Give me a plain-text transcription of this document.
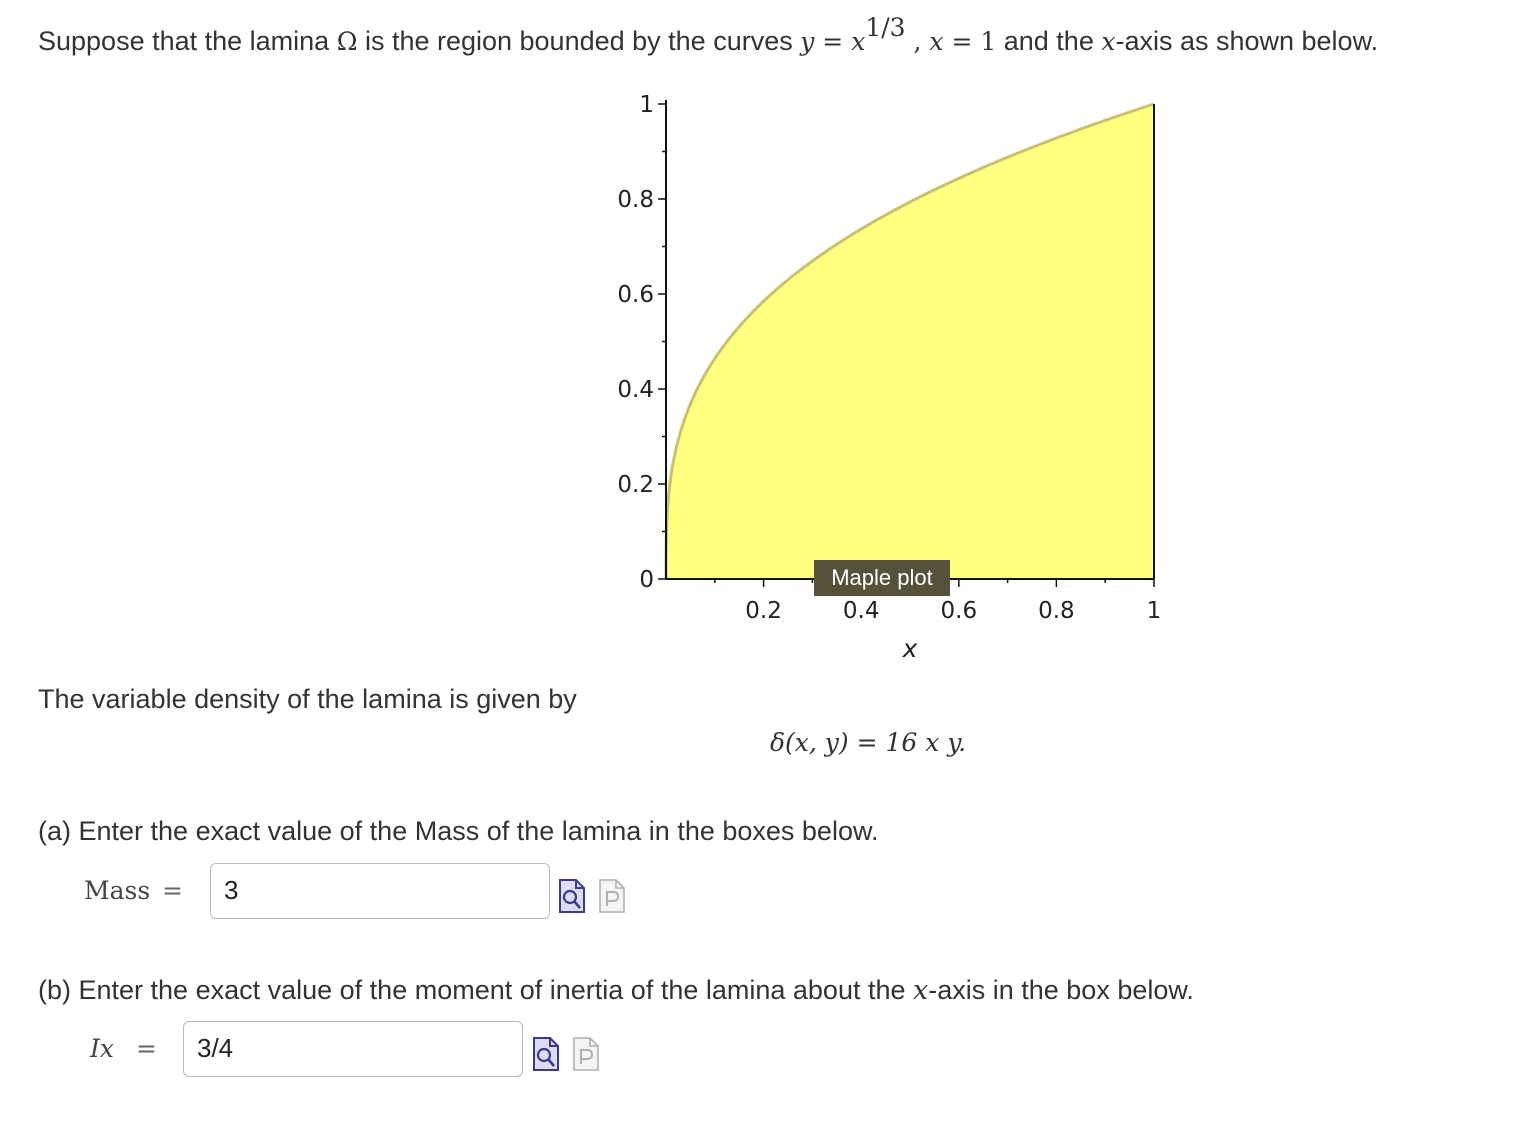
Suppose that the lamina Ω is the region bounded by the curves y = x1/3 , x = 1 and the x-axis as shown below.
1
0.8
0.6
0.4
0.2
0
0.2	0.4	0.6	0.8	1
x
Maple plot
The variable density of the lamina is given by
δ(x, y) = 16 x y.
(a) Enter the exact value of the Mass of the lamina in the boxes below.
Mass =	3
(b) Enter the exact value of the moment of inertia of the lamina about the x-axis in the box below.
Ix =	3/4
